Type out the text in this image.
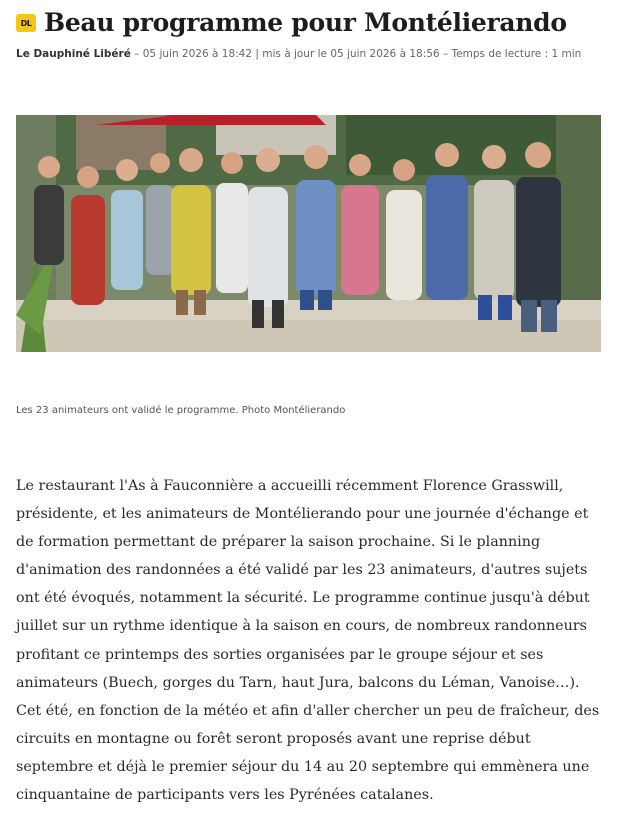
DL Beau programme pour Montélierando
Le Dauphiné Libéré – 05 juin 2026 à 18:42 | mis à jour le 05 juin 2026 à 18:56 – Temps de lecture : 1 min
Les 23 animateurs ont validé le programme. Photo Montélierando

Le restaurant l'As à Fauconnière a accueilli récemment Florence Grasswill, présidente, et les animateurs de Montélierando pour une journée d'échange et de formation permettant de préparer la saison prochaine. Si le planning d'animation des randonnées a été validé par les 23 animateurs, d'autres sujets ont été évoqués, notamment la sécurité. Le programme continue jusqu'à début juillet sur un rythme identique à la saison en cours, de nombreux randonneurs profitant ce printemps des sorties organisées par le groupe séjour et ses animateurs (Buech, gorges du Tarn, haut Jura, balcons du Léman, Vanoise…). Cet été, en fonction de la météo et afin d'aller chercher un peu de fraîcheur, des circuits en montagne ou forêt seront proposés avant une reprise début septembre et déjà le premier séjour du 14 au 20 septembre qui emmènera une cinquantaine de participants vers les Pyrénées catalanes.
